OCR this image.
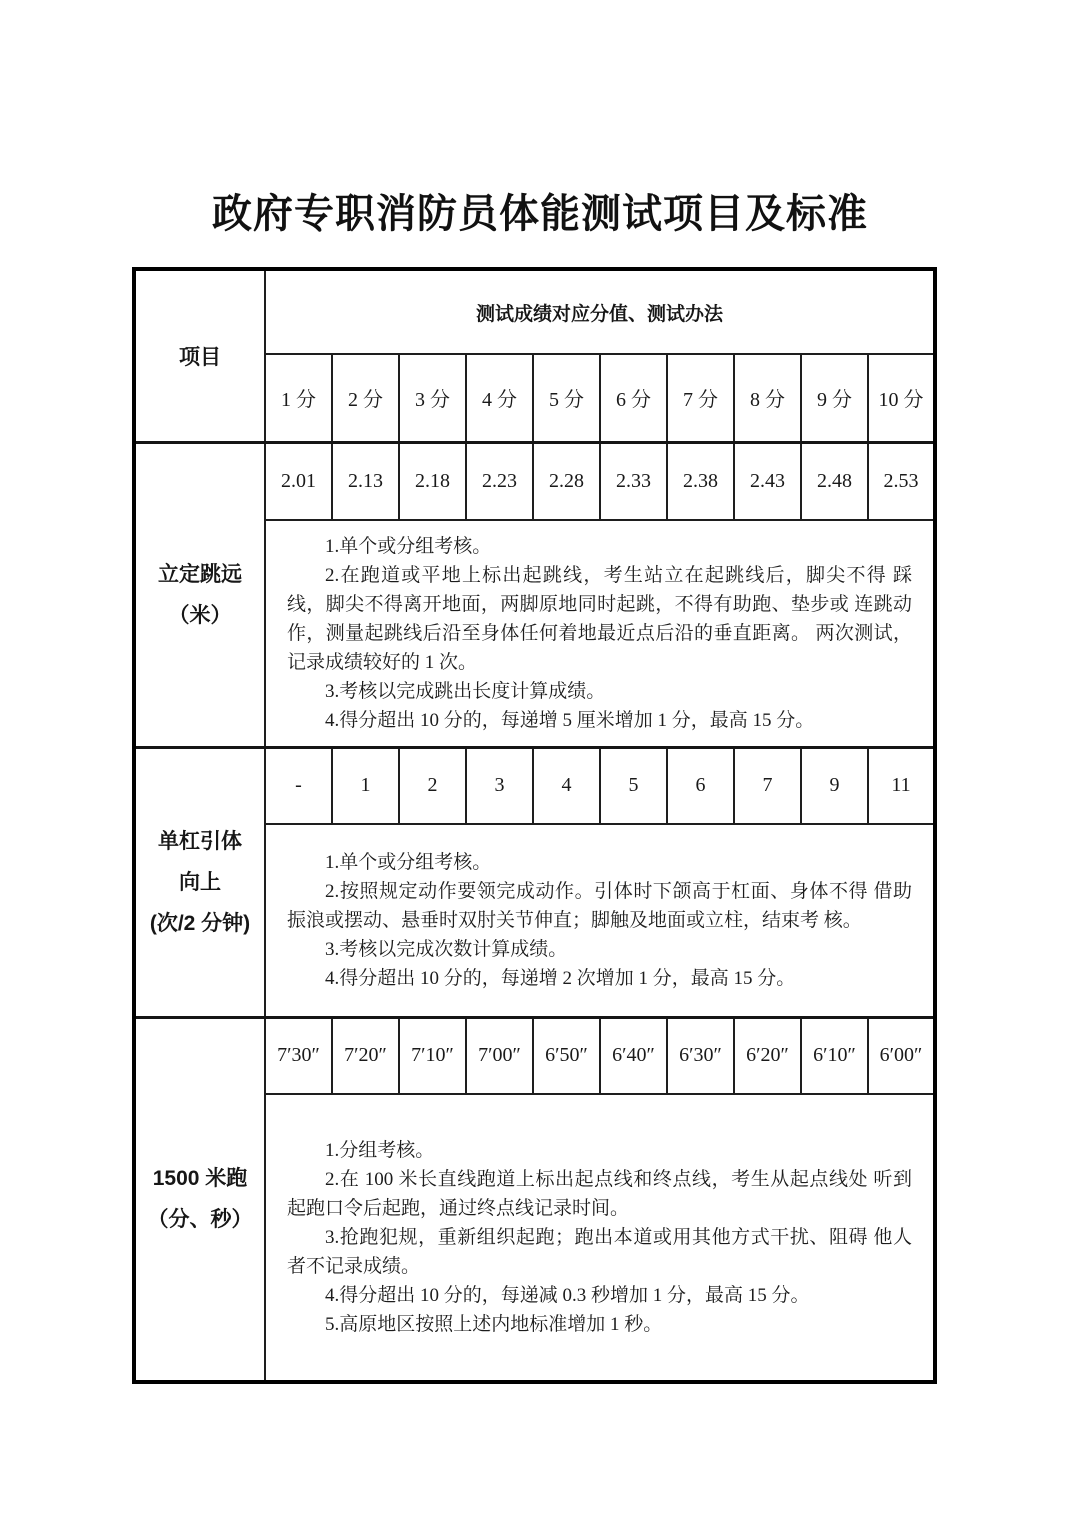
政府专职消防员体能测试项目及标准
项目	测试成绩对应分值、测试办法									
	1 分	2 分	3 分	4 分	5 分	6 分	7 分	8 分	9 分	10 分

立定跳远
（米）	2.01	2.13	2.18	2.23	2.28	2.33	2.38	2.43	2.48	2.53

	1.单个或分组考核。

2.在跑道或平地上标出起跳线，考生站立在起跳线后，脚尖不得 踩线，脚尖不得离开地面，两脚原地同时起跳，不得有助跑、垫步或 连跳动作，测量起跳线后沿至身体任何着地最近点后沿的垂直距离。 两次测试，记录成绩较好的 1 次。

3.考核以完成跳出长度计算成绩。

4.得分超出 10 分的，每递增 5 厘米增加 1 分，最高 15 分。									

单杠引体
向上
(次/2 分钟)	-	1	2	3	4	5	6	7	9	11

	1.单个或分组考核。

2.按照规定动作要领完成动作。引体时下颌高于杠面、身体不得 借助振浪或摆动、悬垂时双肘关节伸直；脚触及地面或立柱，结束考 核。

3.考核以完成次数计算成绩。

4.得分超出 10 分的，每递增 2 次增加 1 分，最高 15 分。									

1500 米跑
（分、秒）	7′30″	7′20″	7′10″	7′00″	6′50″	6′40″	6′30″	6′20″	6′10″	6′00″

	1.分组考核。

2.在 100 米长直线跑道上标出起点线和终点线，考生从起点线处 听到起跑口令后起跑，通过终点线记录时间。

3.抢跑犯规，重新组织起跑；跑出本道或用其他方式干扰、阻碍 他人者不记录成绩。

4.得分超出 10 分的，每递减 0.3 秒增加 1 分，最高 15 分。

5.高原地区按照上述内地标准增加 1 秒。									
